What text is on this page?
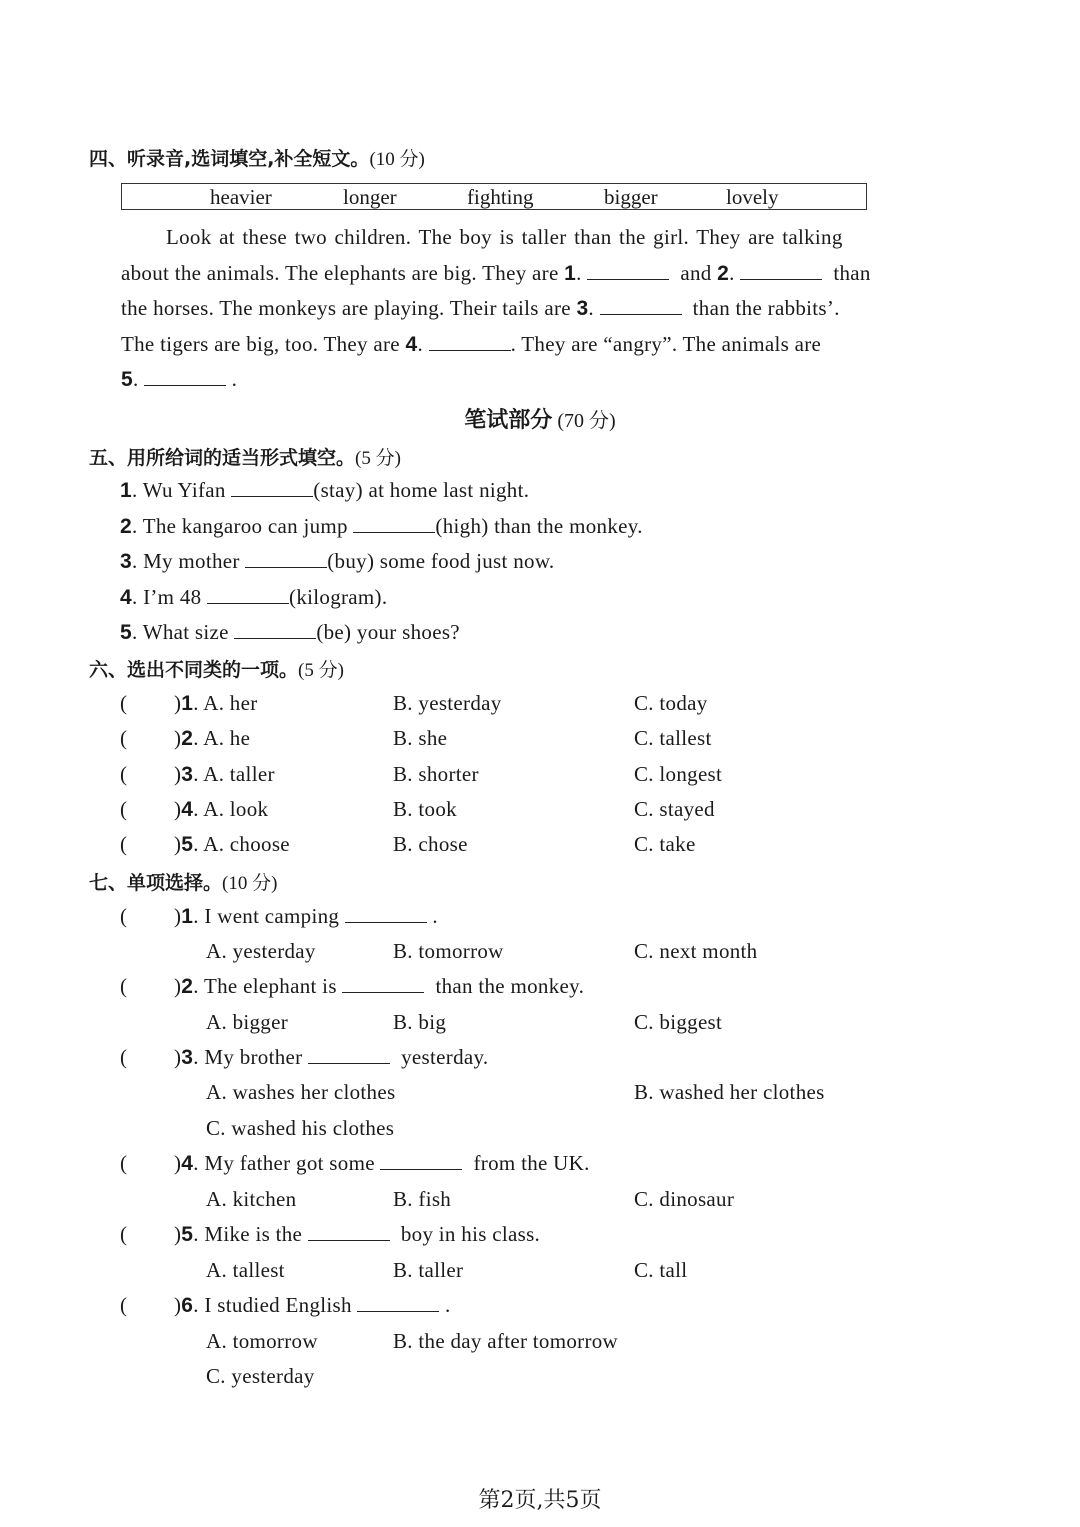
四、听录音,选词填空,补全短文。(10 分)
heavier	longer	fighting	bigger	lovely
Look at these two children. The boy is taller than the girl. They are talking
about the animals. The elephants are big. They are 1.	and 2.	than
the horses. The monkeys are playing. Their tails are 3.	than the rabbits’.
The tigers are big, too. They are 4.	. They are “angry”. The animals are
5.	.
笔试部分 (70 分)
五、用所给词的适当形式填空。(5 分)
1. Wu Yifan	(stay) at home last night.
2. The kangaroo can jump	(high) than the monkey.
3. My mother	(buy) some food just now.
4. I’m 48	(kilogram).
5. What size	(be) your shoes?
六、选出不同类的一项。(5 分)
( )1. A. her	B. yesterday	C. today
( )2. A. he	B. she	C. tallest
( )3. A. taller	B. shorter	C. longest
( )4. A. look	B. took	C. stayed
( )5. A. choose	B. chose	C. take
七、单项选择。(10 分)
( )1. I went camping	.
A. yesterday	B. tomorrow	C. next month
( )2. The elephant is	than the monkey.
A. bigger	B. big	C. biggest
( )3. My brother	yesterday.
A. washes her clothes	B. washed her clothes
C. washed his clothes
( )4. My father got some	from the UK.
A. kitchen	B. fish	C. dinosaur
( )5. Mike is the	boy in his class.
A. tallest	B. taller	C. tall
( )6. I studied English	.
A. tomorrow	B. the day after tomorrow
C. yesterday
第2页,共5页
